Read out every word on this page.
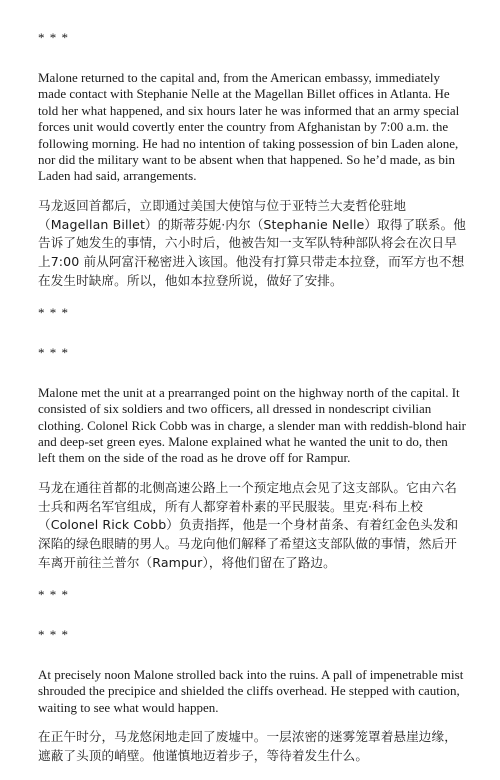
* * *

Malone returned to the capital and, from the American embassy, immediately made contact with Stephanie Nelle at the Magellan Billet offices in Atlanta. He told her what happened, and six hours later he was informed that an army special forces unit would covertly enter the country from Afghanistan by 7:00 a.m. the following morning. He had no intention of taking possession of bin Laden alone, nor did the military want to be absent when that happened. So he’d made, as bin Laden had said, arrangements.

马龙返回首都后，立即通过美国大使馆与位于亚特兰大麦哲伦驻地（Magellan Billet）的斯蒂芬妮·内尔（Stephanie Nelle）取得了联系。他告诉了她发生的事情，六小时后，他被告知一支军队特种部队将会在次日早上7:00 前从阿富汗秘密进入该国。他没有打算只带走本拉登，而军方也不想在发生时缺席。所以，他如本拉登所说，做好了安排。

* * *
* * *

Malone met the unit at a prearranged point on the highway north of the capital. It consisted of six soldiers and two officers, all dressed in nondescript civilian clothing. Colonel Rick Cobb was in charge, a slender man with reddish-blond hair and deep-set green eyes. Malone explained what he wanted the unit to do, then left them on the side of the road as he drove off for Rampur.

马龙在通往首都的北侧高速公路上一个预定地点会见了这支部队。它由六名士兵和两名军官组成，所有人都穿着朴素的平民服装。里克·科布上校（Colonel Rick Cobb）负责指挥，他是一个身材苗条、有着红金色头发和深陷的绿色眼睛的男人。马龙向他们解释了希望这支部队做的事情，然后开车离开前往兰普尔（Rampur），将他们留在了路边。

* * *
* * *

At precisely noon Malone strolled back into the ruins. A pall of impenetrable mist shrouded the precipice and shielded the cliffs overhead. He stepped with caution, waiting to see what would happen.

在正午时分，马龙悠闲地走回了废墟中。一层浓密的迷雾笼罩着悬崖边缘，遮蔽了头顶的峭壁。他谨慎地迈着步子，等待着发生什么。
